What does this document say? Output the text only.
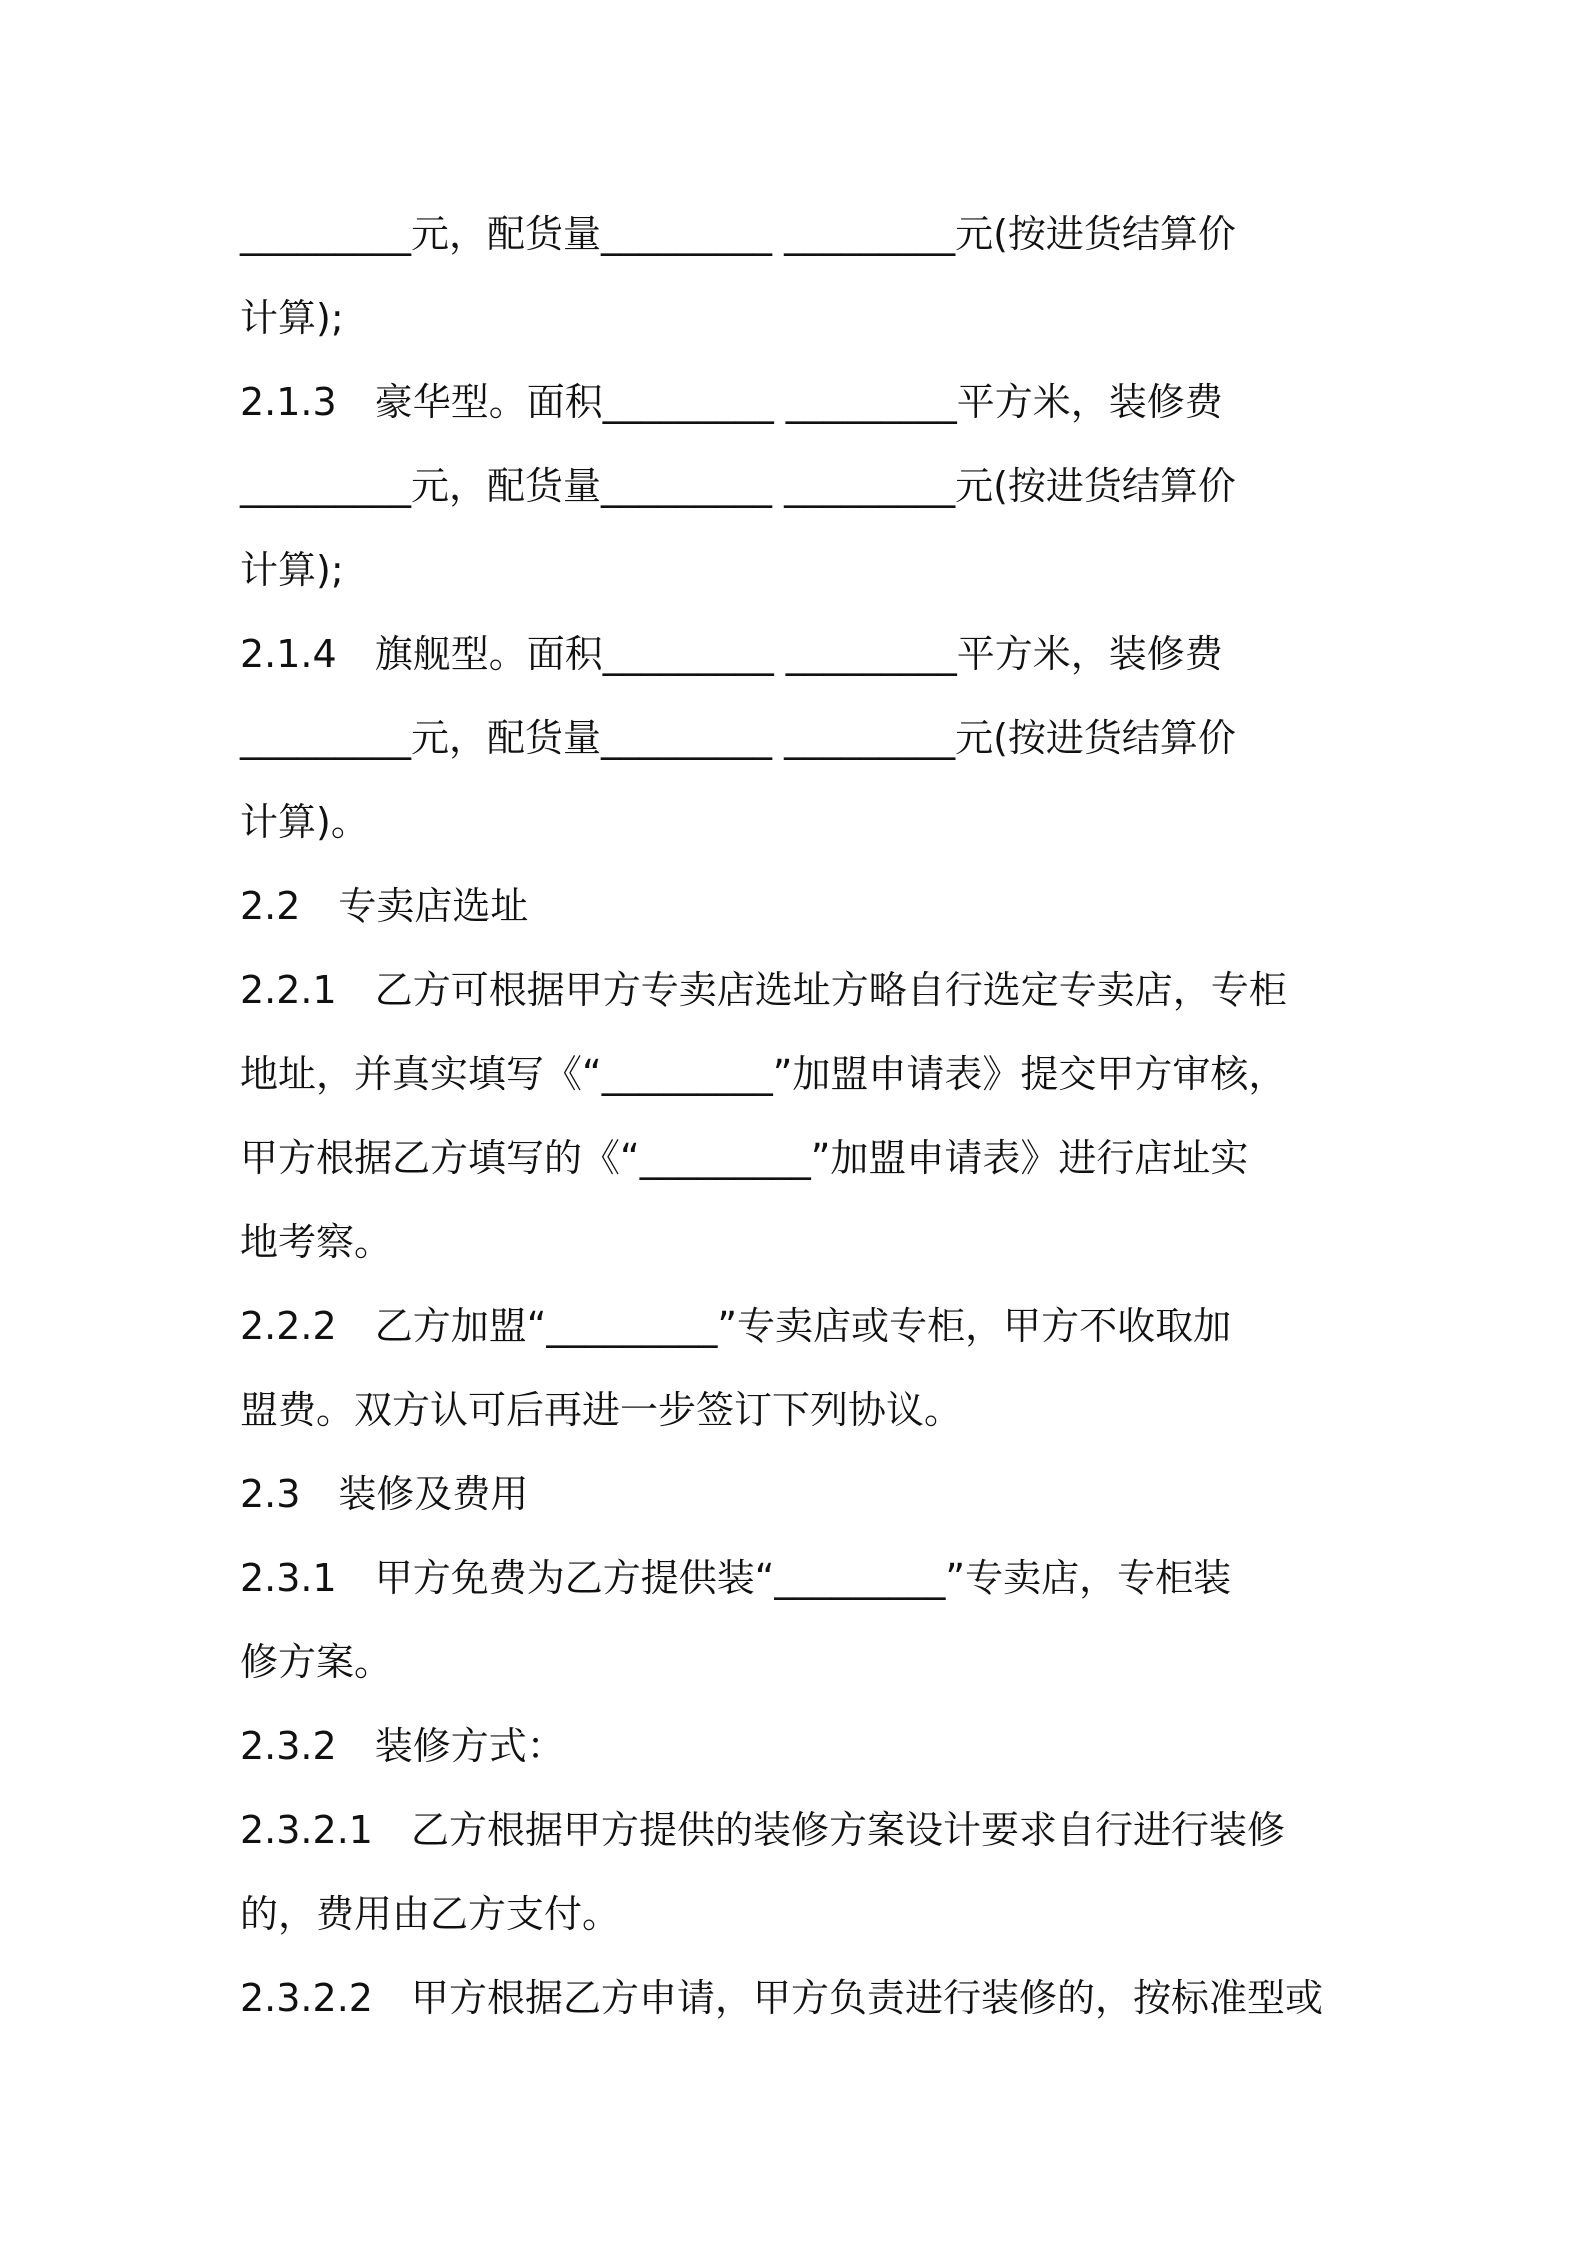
_________元，配货量_________ _________元(按进货结算价
计算);
2.1.3　豪华型。面积_________ _________平方米，装修费
_________元，配货量_________ _________元(按进货结算价
计算);
2.1.4　旗舰型。面积_________ _________平方米，装修费
_________元，配货量_________ _________元(按进货结算价
计算)。
2.2　专卖店选址
2.2.1　乙方可根据甲方专卖店选址方略自行选定专卖店，专柜
地址，并真实填写《“_________”加盟申请表》提交甲方审核，
甲方根据乙方填写的《“_________”加盟申请表》进行店址实
地考察。
2.2.2　乙方加盟“_________”专卖店或专柜，甲方不收取加
盟费。双方认可后再进一步签订下列协议。
2.3　装修及费用
2.3.1　甲方免费为乙方提供装“_________”专卖店，专柜装
修方案。
2.3.2　装修方式：
2.3.2.1　乙方根据甲方提供的装修方案设计要求自行进行装修
的，费用由乙方支付。
2.3.2.2　甲方根据乙方申请，甲方负责进行装修的，按标准型或
